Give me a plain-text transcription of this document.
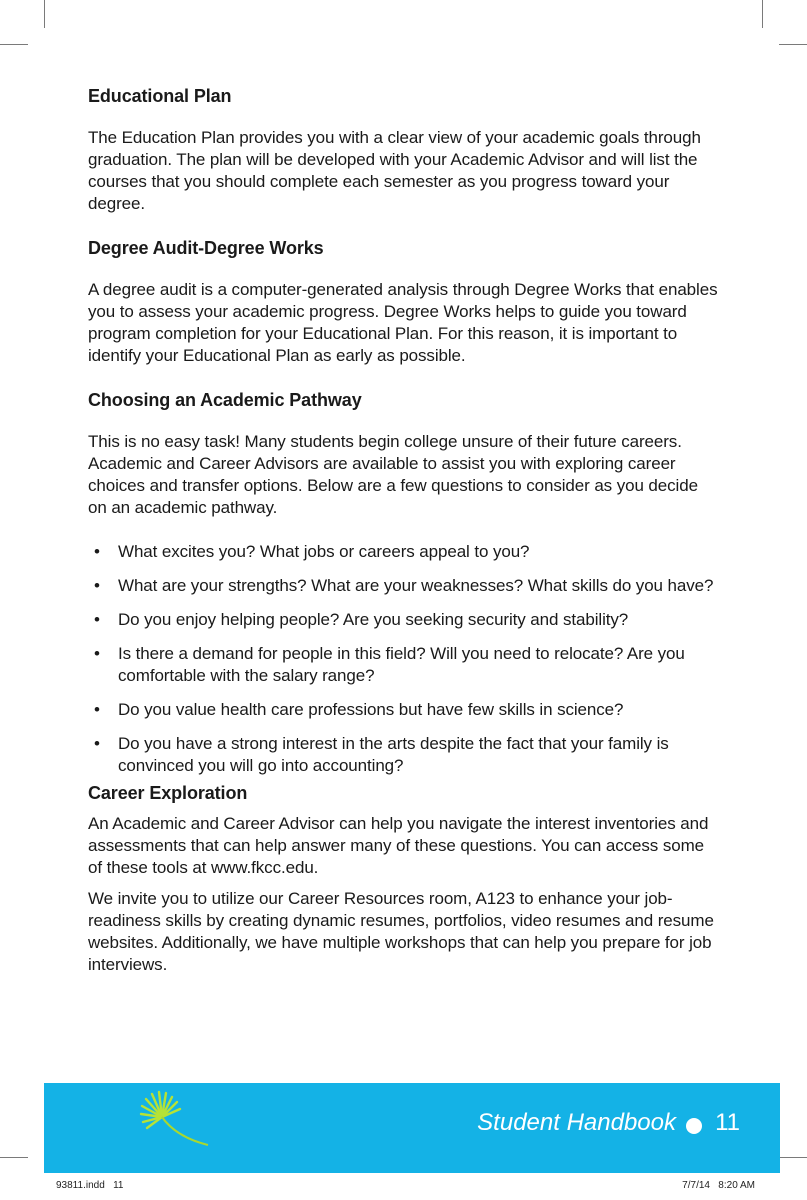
Educational Plan

The Education Plan provides you with a clear view of your academic goals through graduation. The plan will be developed with your Academic Advisor and will list the courses that you should complete each semester as you progress toward your degree.

Degree Audit-Degree Works

A degree audit is a computer-generated analysis through Degree Works that enables you to assess your academic progress. Degree Works helps to guide you toward program completion for your Educational Plan. For this reason, it is important to identify your Educational Plan as early as possible.

Choosing an Academic Pathway

This is no easy task! Many students begin college unsure of their future careers. Academic and Career Advisors are available to assist you with exploring career choices and transfer options. Below are a few questions to consider as you decide on an academic pathway.

• What excites you? What jobs or careers appeal to you?
• What are your strengths? What are your weaknesses? What skills do you have?
• Do you enjoy helping people? Are you seeking security and stability?
• Is there a demand for people in this field? Will you need to relocate? Are you comfortable with the salary range?
• Do you value health care professions but have few skills in science?
• Do you have a strong interest in the arts despite the fact that your family is convinced you will go into accounting?
Career Exploration

An Academic and Career Advisor can help you navigate the interest inventories and assessments that can help answer many of these questions. You can access some of these tools at www.fkcc.edu.

We invite you to utilize our Career Resources room, A123 to enhance your job-readiness skills by creating dynamic resumes, portfolios, video resumes and resume websites. Additionally, we have multiple workshops that can help you prepare for job interviews.

Student Handbook 11
93811.indd   11	7/7/14   8:20 AM
